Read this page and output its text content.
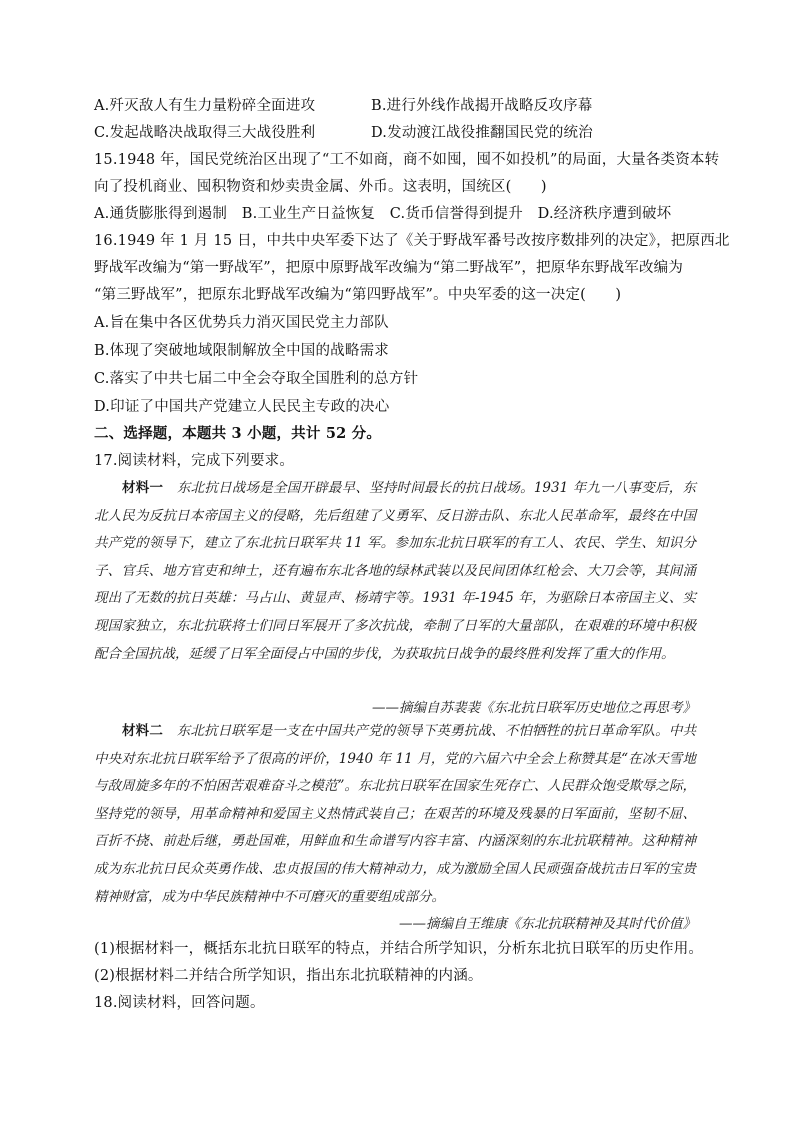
A.歼灭敌人有生力量粉碎全面进攻	B.进行外线作战揭开战略反攻序幕
C.发起战略决战取得三大战役胜利	D.发动渡江战役推翻国民党的统治
15.1948 年，国民党统治区出现了“工不如商，商不如囤，囤不如投机”的局面，大量各类资本转
向了投机商业、囤积物资和炒卖贵金属、外币。这表明，国统区(　　)
A.通货膨胀得到遏制　B.工业生产日益恢复　C.货币信誉得到提升　D.经济秩序遭到破坏
16.1949 年 1 月 15 日，中共中央军委下达了《关于野战军番号改按序数排列的决定》，把原西北
野战军改编为“第一野战军”，把原中原野战军改编为“第二野战军”，把原华东野战军改编为
“第三野战军”，把原东北野战军改编为“第四野战军”。中央军委的这一决定(　　)
A.旨在集中各区优势兵力消灭国民党主力部队
B.体现了突破地域限制解放全中国的战略需求
C.落实了中共七届二中全会夺取全国胜利的总方针
D.印证了中国共产党建立人民民主专政的决心
二、选择题，本题共 3 小题，共计 52 分。
17.阅读材料，完成下列要求。

材料一　 东北抗日战场是全国开辟最早、坚持时间最长的抗日战场。1931 年九一八事变后，东北人民为反抗日本帝国主义的侵略，先后组建了义勇军、反日游击队、东北人民革命军，最终在中国共产党的领导下，建立了东北抗日联军共 11 军。参加东北抗日联军的有工人、农民、学生、知识分子、官兵、地方官吏和绅士，还有遍布东北各地的绿林武装以及民间团体红枪会、大刀会等，其间涌现出了无数的抗日英雄：马占山、黄显声、杨靖宇等。1931 年-1945 年，为驱除日本帝国主义、实现国家独立，东北抗联将士们同日军展开了多次抗战，牵制了日军的大量部队，在艰难的环境中积极配合全国抗战，延缓了日军全面侵占中国的步伐，为获取抗日战争的最终胜利发挥了重大的作用。

——摘编自苏裴裴《东北抗日联军历史地位之再思考》

材料二　 东北抗日联军是一支在中国共产党的领导下英勇抗战、不怕牺牲的抗日革命军队。中共中央对东北抗日联军给予了很高的评价，1940 年 11 月，党的六届六中全会上称赞其是“在冰天雪地与敌周旋多年的不怕困苦艰难奋斗之模范”。东北抗日联军在国家生死存亡、人民群众饱受欺辱之际，坚持党的领导，用革命精神和爱国主义热情武装自己；在艰苦的环境及残暴的日军面前，坚韧不屈、百折不挠、前赴后继，勇赴国难，用鲜血和生命谱写内容丰富、内涵深刻的东北抗联精神。这种精神成为东北抗日民众英勇作战、忠贞报国的伟大精神动力，成为激励全国人民顽强奋战抗击日军的宝贵精神财富，成为中华民族精神中不可磨灭的重要组成部分。

——摘编自王维康《东北抗联精神及其时代价值》
(1)根据材料一，概括东北抗日联军的特点，并结合所学知识，分析东北抗日联军的历史作用。
(2)根据材料二并结合所学知识，指出东北抗联精神的内涵。
18.阅读材料，回答问题。
